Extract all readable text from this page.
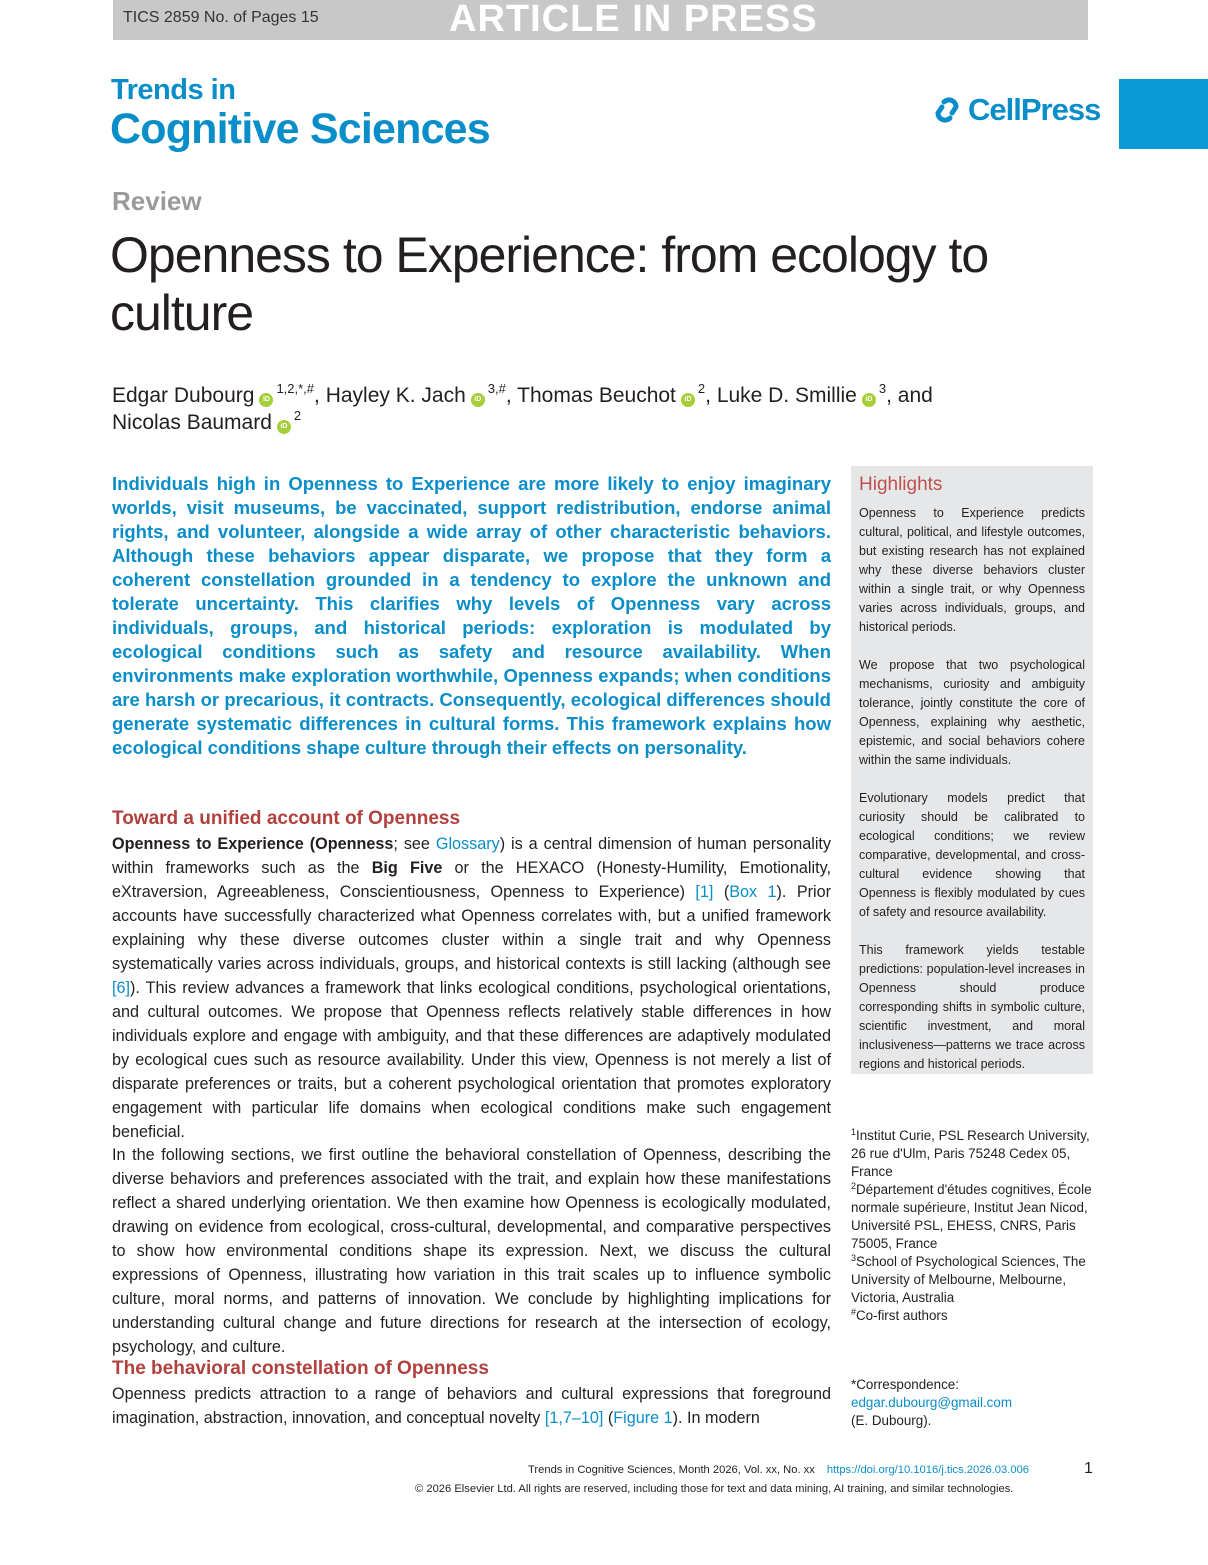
TICS 2859 No. of Pages 15	ARTICLE IN PRESS
Trends in
Cognitive Sciences	CellPress
Review
Openness to Experience: from ecology to culture
Edgar Dubourg $iD^{1,2,*,\#}$, Hayley K. Jach $iD^{3,\#}$, Thomas Beuchot $iD^2$, Luke D. Smillie $iD^3$, and
Nicolas Baumard $iD^2$

Individuals high in Openness to Experience are more likely to enjoy imaginary worlds, visit museums, be vaccinated, support redistribution, endorse animal rights, and volunteer, alongside a wide array of other characteristic behaviors. Although these behaviors appear disparate, we propose that they form a coherent constellation grounded in a tendency to explore the unknown and tolerate uncertainty. This clarifies why levels of Openness vary across individuals, groups, and historical periods: exploration is modulated by ecological conditions such as safety and resource availability. When environments make exploration worthwhile, Openness expands; when conditions are harsh or precarious, it contracts. Consequently, ecological differences should generate systematic differences in cultural forms. This framework explains how ecological conditions shape culture through their effects on personality.

Highlights

Openness to Experience predicts cultural, political, and lifestyle outcomes, but existing research has not explained why these diverse behaviors cluster within a single trait, or why Openness varies across individuals, groups, and historical periods.

We propose that two psychological mechanisms, curiosity and ambiguity tolerance, jointly constitute the core of Openness, explaining why aesthetic, epistemic, and social behaviors cohere within the same individuals.

Evolutionary models predict that curiosity should be calibrated to ecological conditions; we review comparative, developmental, and cross-cultural evidence showing that Openness is flexibly modulated by cues of safety and resource availability.

This framework yields testable predictions: population-level increases in Openness should produce corresponding shifts in symbolic culture, scientific investment, and moral inclusiveness—patterns we trace across regions and historical periods.

Toward a unified account of Openness

Openness to Experience (Openness; see Glossary) is a central dimension of human personality within frameworks such as the Big Five or the HEXACO (Honesty-Humility, Emotionality, eXtraversion, Agreeableness, Conscientiousness, Openness to Experience) [1] (Box 1). Prior accounts have successfully characterized what Openness correlates with, but a unified framework explaining why these diverse outcomes cluster within a single trait and why Openness systematically varies across individuals, groups, and historical contexts is still lacking (although see [6]). This review advances a framework that links ecological conditions, psychological orientations, and cultural outcomes. We propose that Openness reflects relatively stable differences in how individuals explore and engage with ambiguity, and that these differences are adaptively modulated by ecological cues such as resource availability. Under this view, Openness is not merely a list of disparate preferences or traits, but a coherent psychological orientation that promotes exploratory engagement with particular life domains when ecological conditions make such engagement beneficial.

In the following sections, we first outline the behavioral constellation of Openness, describing the diverse behaviors and preferences associated with the trait, and explain how these manifestations reflect a shared underlying orientation. We then examine how Openness is ecologically modulated, drawing on evidence from ecological, cross-cultural, developmental, and comparative perspectives to show how environmental conditions shape its expression. Next, we discuss the cultural expressions of Openness, illustrating how variation in this trait scales up to influence symbolic culture, moral norms, and patterns of innovation. We conclude by highlighting implications for understanding cultural change and future directions for research at the intersection of ecology, psychology, and culture.

The behavioral constellation of Openness

Openness predicts attraction to a range of behaviors and cultural expressions that foreground imagination, abstraction, innovation, and conceptual novelty [1,7–10] (Figure 1). In modern

$^1$Institut Curie, PSL Research University, 26 rue d'Ulm, Paris 75248 Cedex 05, France
$^2$Département d'études cognitives, École normale supérieure, Institut Jean Nicod, Université PSL, EHESS, CNRS, Paris 75005, France
$^3$School of Psychological Sciences, The University of Melbourne, Melbourne, Victoria, Australia
#Co-first authors
*Correspondence:
edgar.dubourg@gmail.com
(E. Dubourg).
Trends in Cognitive Sciences, Month 2026, Vol. xx, No. xx https://doi.org/10.1016/j.tics.2026.03.006	1
© 2026 Elsevier Ltd. All rights are reserved, including those for text and data mining, AI training, and similar technologies.
